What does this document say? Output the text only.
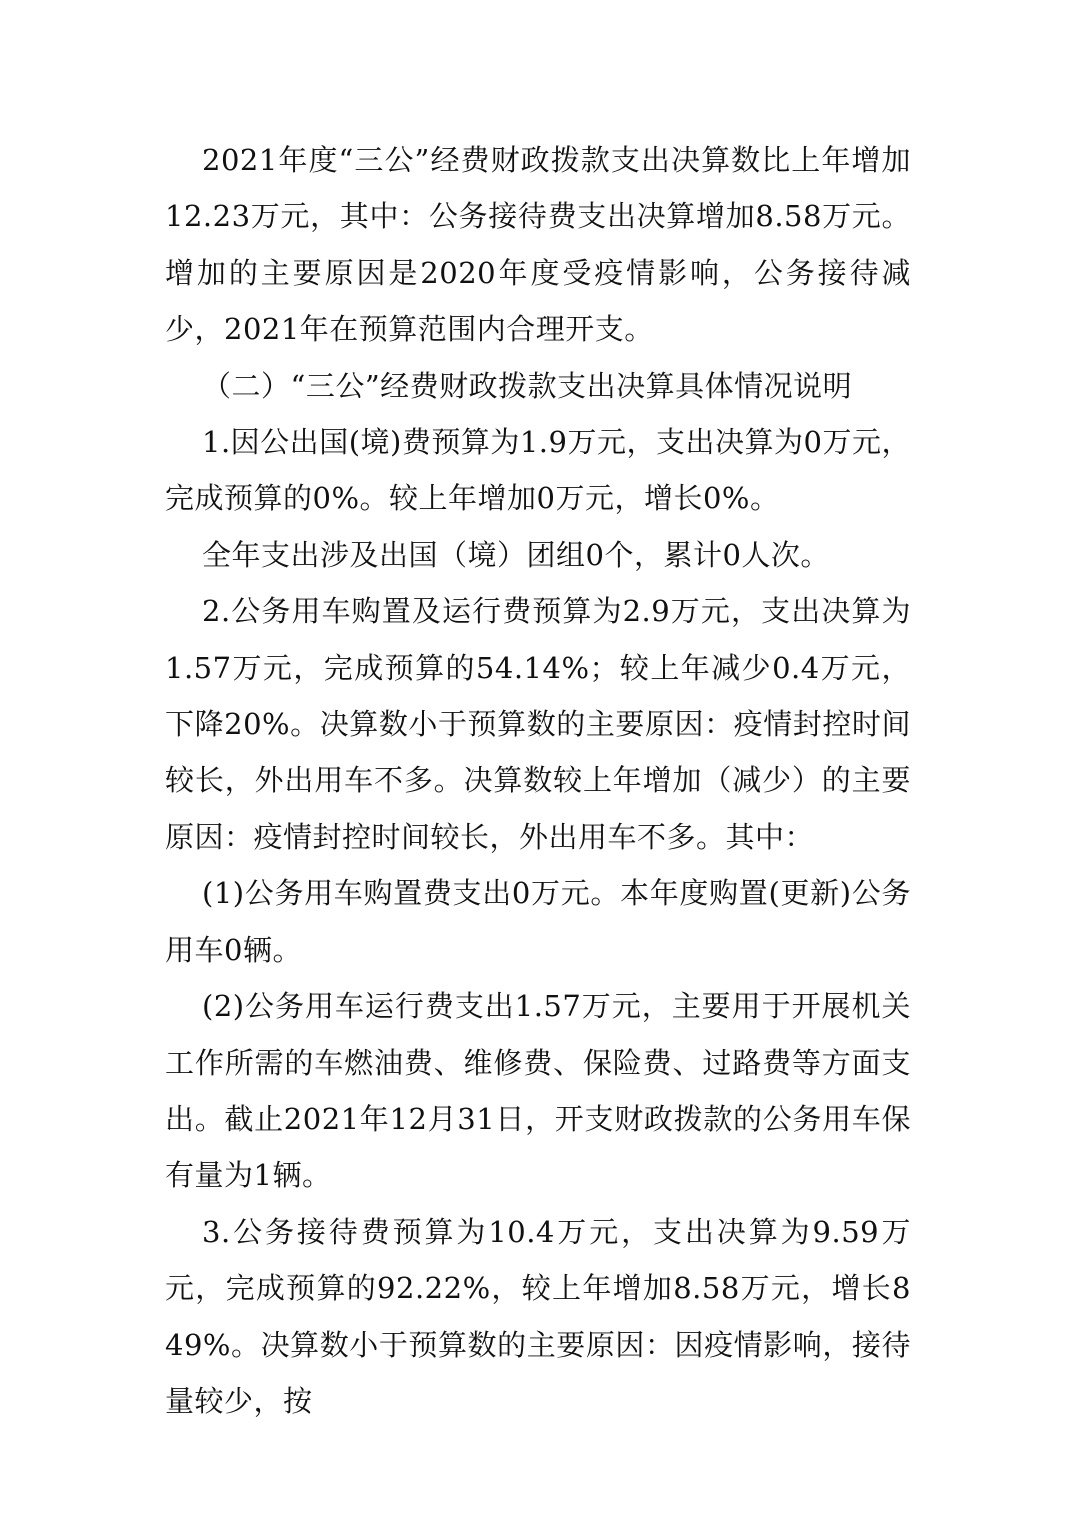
2021年度“三公”经费财政拨款支出决算数比上年增加12.23万元，其中：公务接待费支出决算增加8.58万元。增加的主要原因是2020年度受疫情影响，公务接待减少，2021年在预算范围内合理开支。

（二）“三公”经费财政拨款支出决算具体情况说明

1.因公出国(境)费预算为1.9万元，支出决算为0万元，完成预算的0%。较上年增加0万元，增长0%。

全年支出涉及出国（境）团组0个，累计0人次。

2.公务用车购置及运行费预算为2.9万元，支出决算为1.57万元，完成预算的54.14%；较上年减少0.4万元，下降20%。决算数小于预算数的主要原因：疫情封控时间较长，外出用车不多。决算数较上年增加（减少）的主要原因：疫情封控时间较长，外出用车不多。其中：

(1)公务用车购置费支出0万元。本年度购置(更新)公务用车0辆。

(2)公务用车运行费支出1.57万元，主要用于开展机关工作所需的车燃油费、维修费、保险费、过路费等方面支出。截止2021年12月31日，开支财政拨款的公务用车保有量为1辆。

3.公务接待费预算为10.4万元，支出决算为9.59万元，完成预算的92.22%，较上年增加8.58万元，增长849%。决算数小于预算数的主要原因：因疫情影响，接待量较少，按
